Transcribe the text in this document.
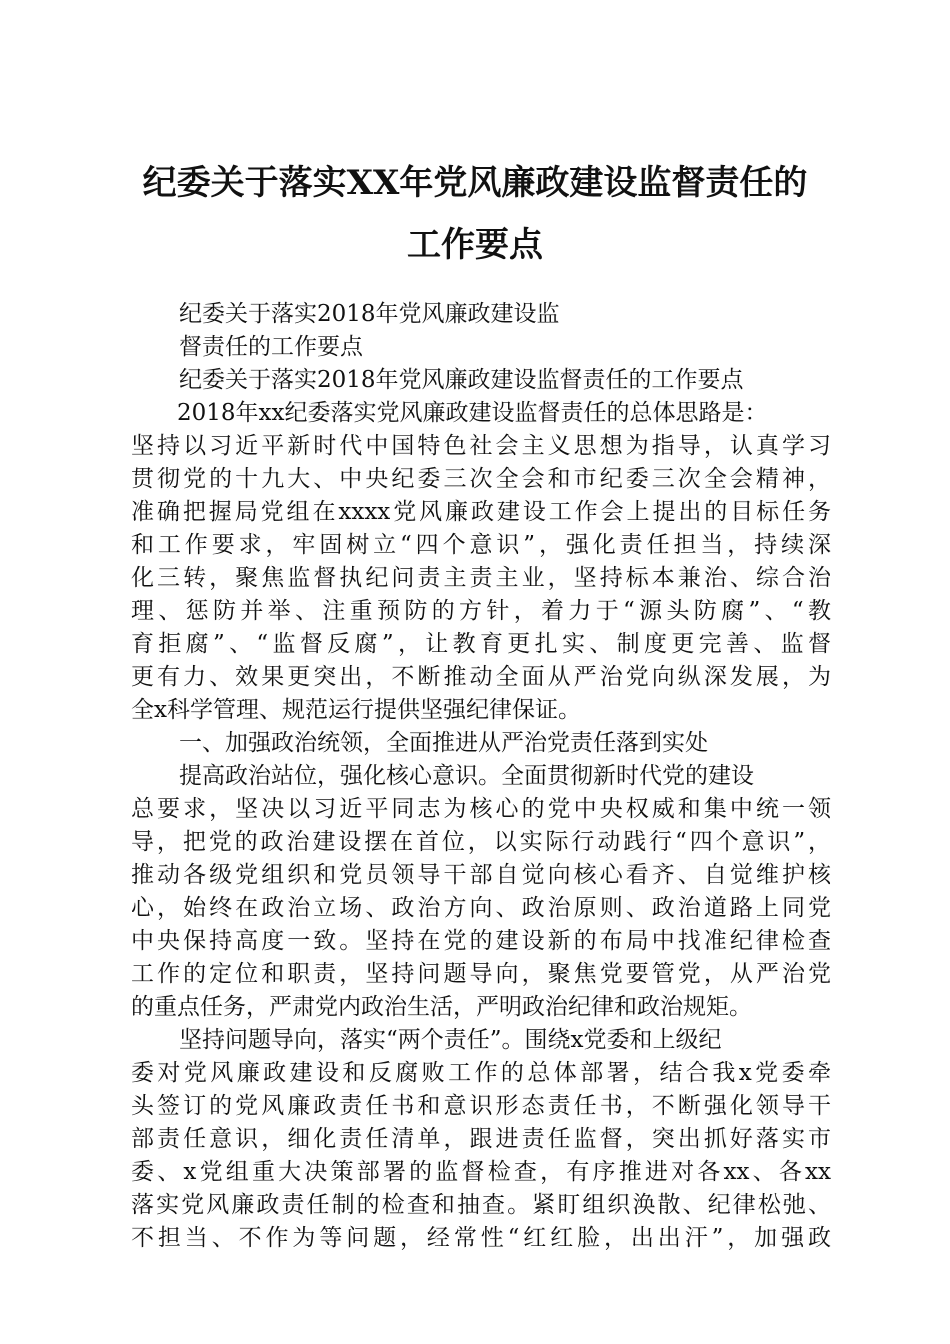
纪委关于落实XX年党风廉政建设监督责任的
工作要点
纪委关于落实2018年党风廉政建设监
督责任的工作要点
纪委关于落实2018年党风廉政建设监督责任的工作要点
2018年xx纪委落实党风廉政建设监督责任的总体思路是：
坚持以习近平新时代中国特色社会主义思想为指导，认真学习
贯彻党的十九大、中央纪委三次全会和市纪委三次全会精神，
准确把握局党组在xxxx党风廉政建设工作会上提出的目标任务
和工作要求，牢固树立“四个意识”，强化责任担当，持续深
化三转，聚焦监督执纪问责主责主业，坚持标本兼治、综合治
理、惩防并举、注重预防的方针，着力于“源头防腐”、“教
育拒腐”、“监督反腐”，让教育更扎实、制度更完善、监督
更有力、效果更突出，不断推动全面从严治党向纵深发展，为
全x科学管理、规范运行提供坚强纪律保证。
一、加强政治统领，全面推进从严治党责任落到实处
提高政治站位，强化核心意识。全面贯彻新时代党的建设
总要求，坚决以习近平同志为核心的党中央权威和集中统一领
导，把党的政治建设摆在首位，以实际行动践行“四个意识”，
推动各级党组织和党员领导干部自觉向核心看齐、自觉维护核
心，始终在政治立场、政治方向、政治原则、政治道路上同党
中央保持高度一致。坚持在党的建设新的布局中找准纪律检查
工作的定位和职责，坚持问题导向，聚焦党要管党，从严治党
的重点任务，严肃党内政治生活，严明政治纪律和政治规矩。
坚持问题导向，落实“两个责任”。围绕x党委和上级纪
委对党风廉政建设和反腐败工作的总体部署，结合我x党委牵
头签订的党风廉政责任书和意识形态责任书，不断强化领导干
部责任意识，细化责任清单，跟进责任监督，突出抓好落实市
委、x党组重大决策部署的监督检查，有序推进对各xx、各xx
落实党风廉政责任制的检查和抽查。紧盯组织涣散、纪律松弛、
不担当、不作为等问题，经常性“红红脸，出出汗”，加强政
